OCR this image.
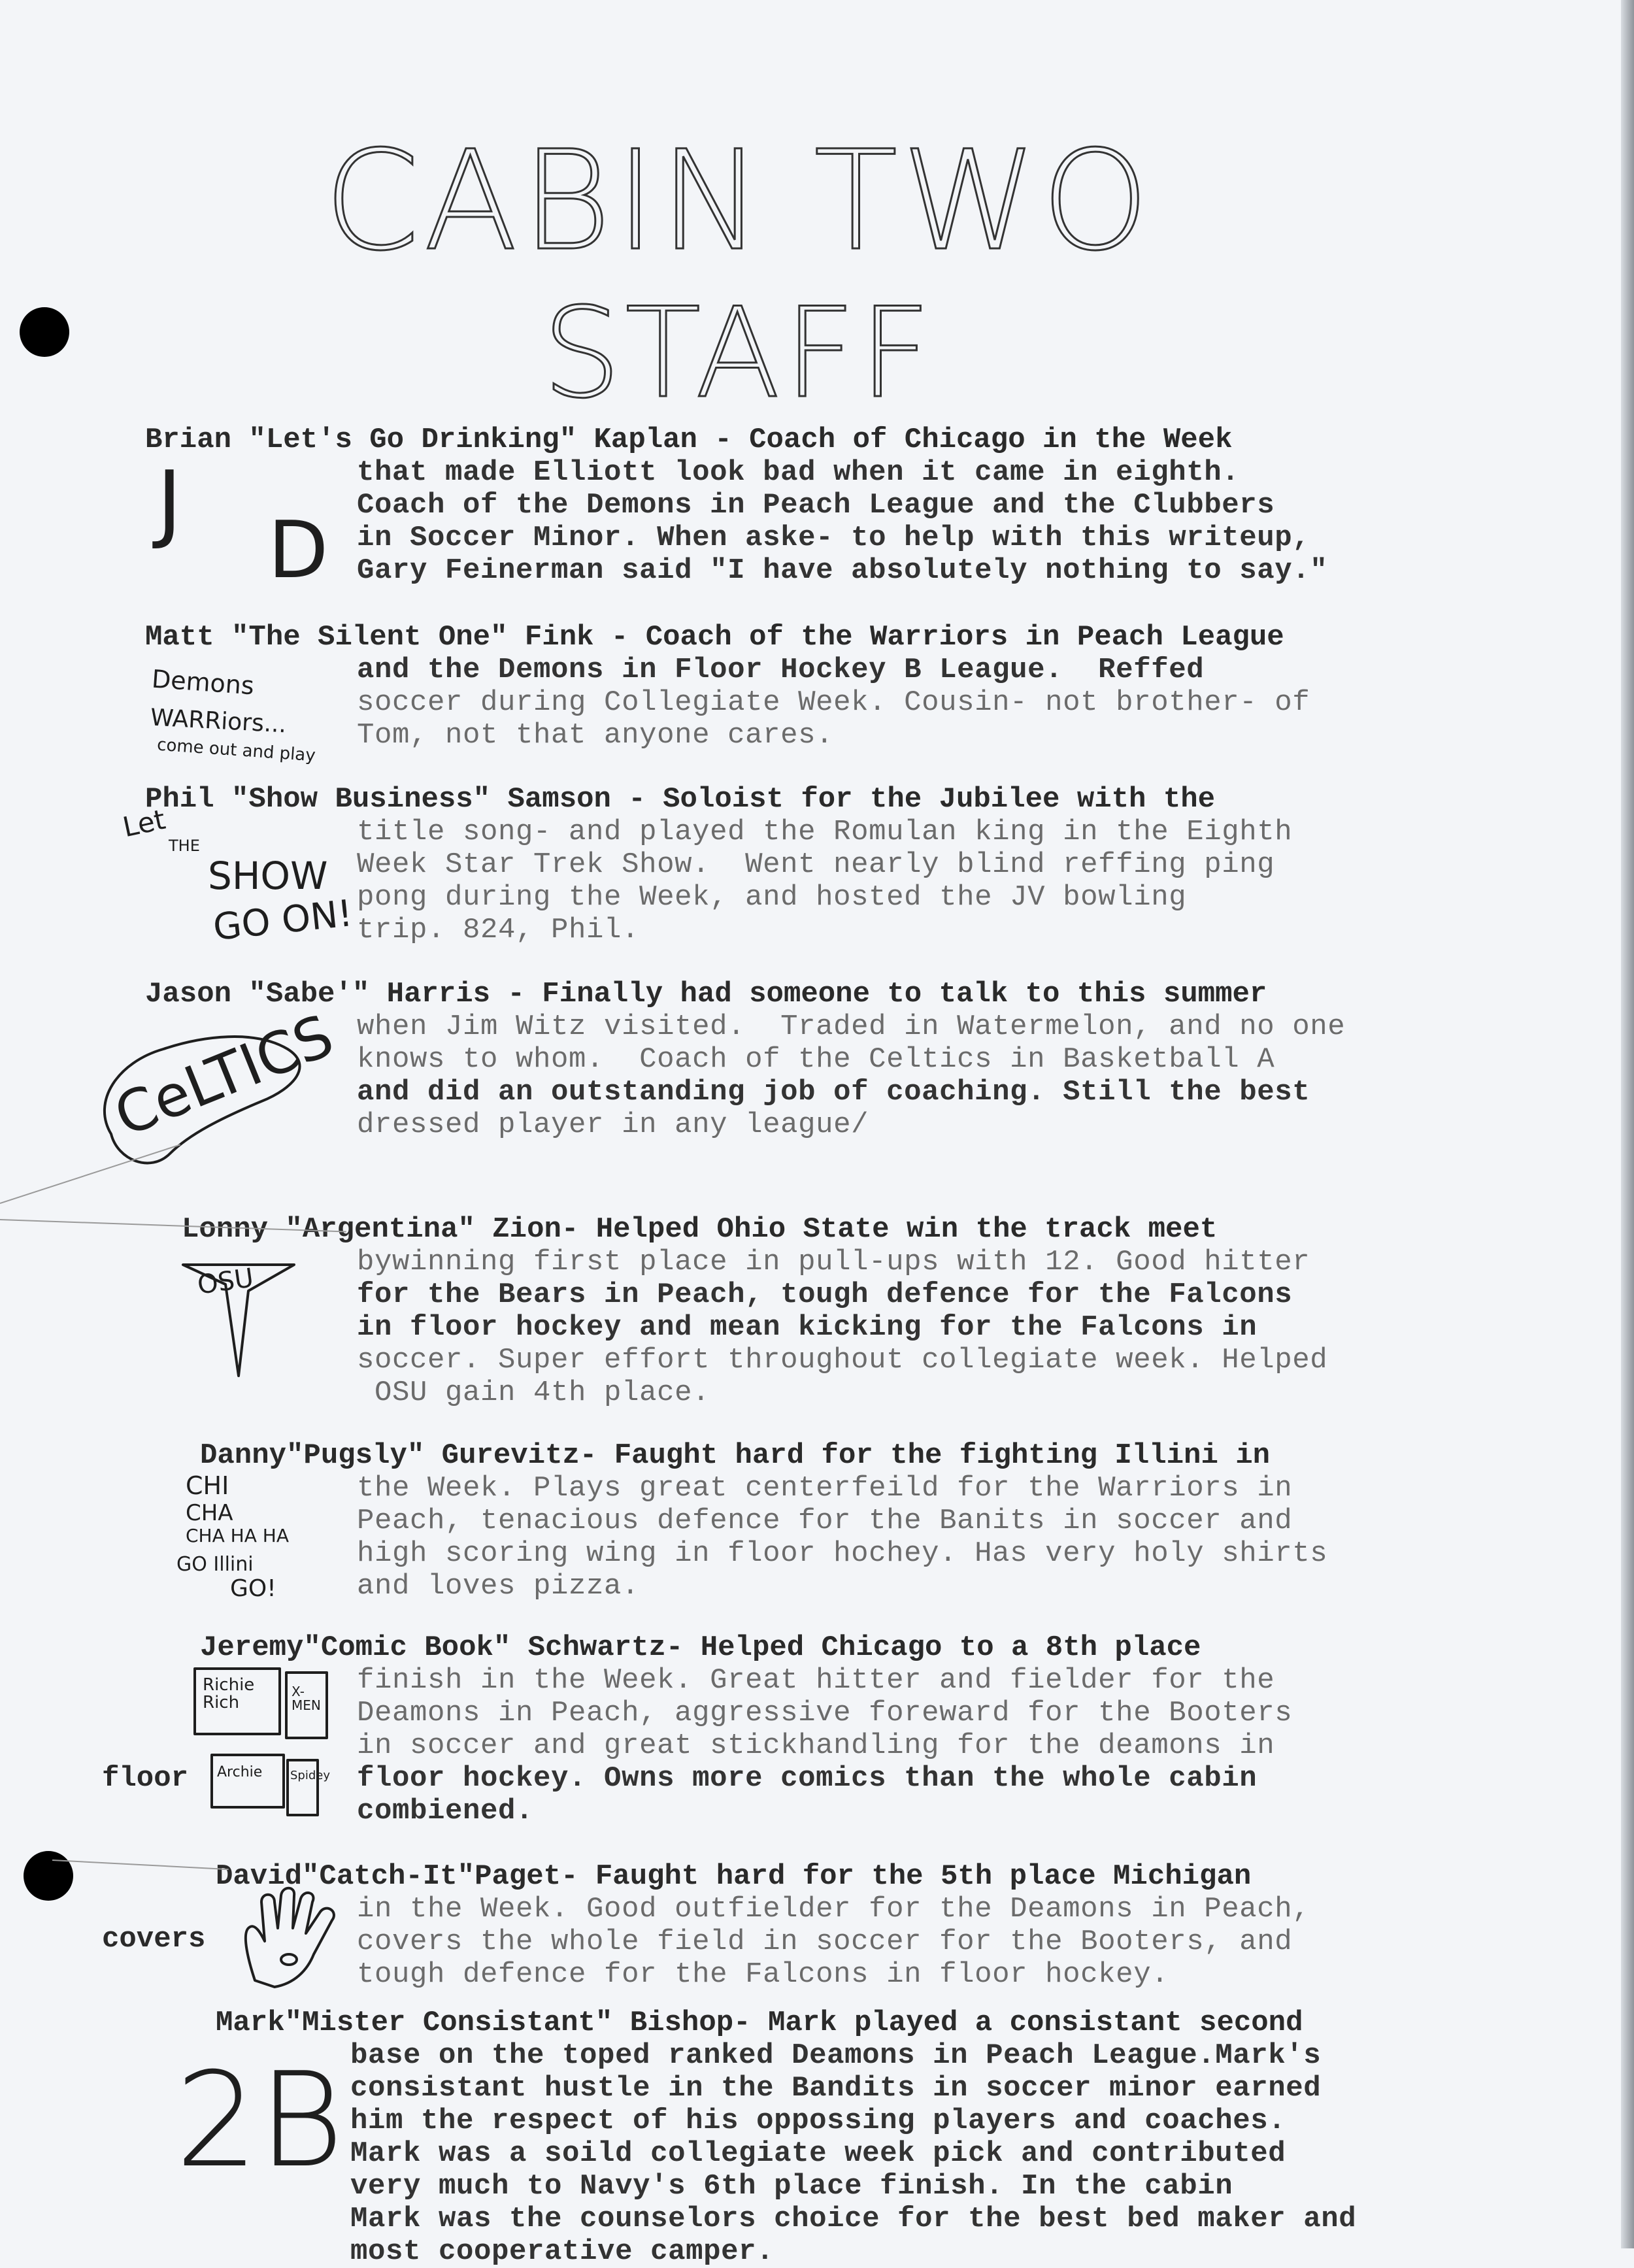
CABIN TWO
STAFF
Brian "Let's Go Drinking" Kaplan - Coach of Chicago in the Week
that made Elliott look bad when it came in eighth.
Coach of the Demons in Peach League and the Clubbers
in Soccer Minor. When aske- to help with this writeup,
Gary Feinerman said "I have absolutely nothing to say."
J D
Matt "The Silent One" Fink - Coach of the Warriors in Peach League
and the Demons in Floor Hockey B League.  Reffed
soccer during Collegiate Week. Cousin- not brother- of
Tom, not that anyone cares.
Demons
WARRiors...
come out and play
Phil "Show Business" Samson - Soloist for the Jubilee with the
title song- and played the Romulan king in the Eighth
Week Star Trek Show.  Went nearly blind reffing ping
pong during the Week, and hosted the JV bowling
trip. 824, Phil.
Let
THE
SHOW
GO ON!
Jason "Sabe'" Harris - Finally had someone to talk to this summer
when Jim Witz visited.  Traded in Watermelon, and no one
knows to whom.  Coach of the Celtics in Basketball A
and did an outstanding job of coaching. Still the best
dressed player in any league/
CeLTICS
Lonny "Argentina" Zion- Helped Ohio State win the track meet
bywinning first place in pull-ups with 12. Good hitter
for the Bears in Peach, tough defence for the Falcons
in floor hockey and mean kicking for the Falcons in
soccer. Super effort throughout collegiate week. Helped
OSU gain 4th place.
OSU
Danny"Pugsly" Gurevitz- Faught hard for the fighting Illini in
the Week. Plays great centerfeild for the Warriors in
Peach, tenacious defence for the Banits in soccer and
high scoring wing in floor hochey. Has very holy shirts
and loves pizza.
CHI
CHA
CHA HA HA
GO Illini
GO!
Jeremy"Comic Book" Schwartz- Helped Chicago to a 8th place
finish in the Week. Great hitter and fielder for the
Deamons in Peach, aggressive foreward for the Booters
in soccer and great stickhandling for the deamons in
floor hockey. Owns more comics than the whole cabin
combiened.
floor
Richie Rich
X-MEN
Archie Spidey
David"Catch-It"Paget- Faught hard for the 5th place Michigan
in the Week. Good outfielder for the Deamons in Peach,
covers the whole field in soccer for the Booters, and
tough defence for the Falcons in floor hockey.
covers
Mark"Mister Consistant" Bishop- Mark played a consistant second
base on the toped ranked Deamons in Peach League.Mark's
consistant hustle in the Bandits in soccer minor earned
him the respect of his oppossing players and coaches.
Mark was a soild collegiate week pick and contributed
very much to Navy's 6th place finish. In the cabin
Mark was the counselors choice for the best bed maker and
most cooperative camper.
2B
